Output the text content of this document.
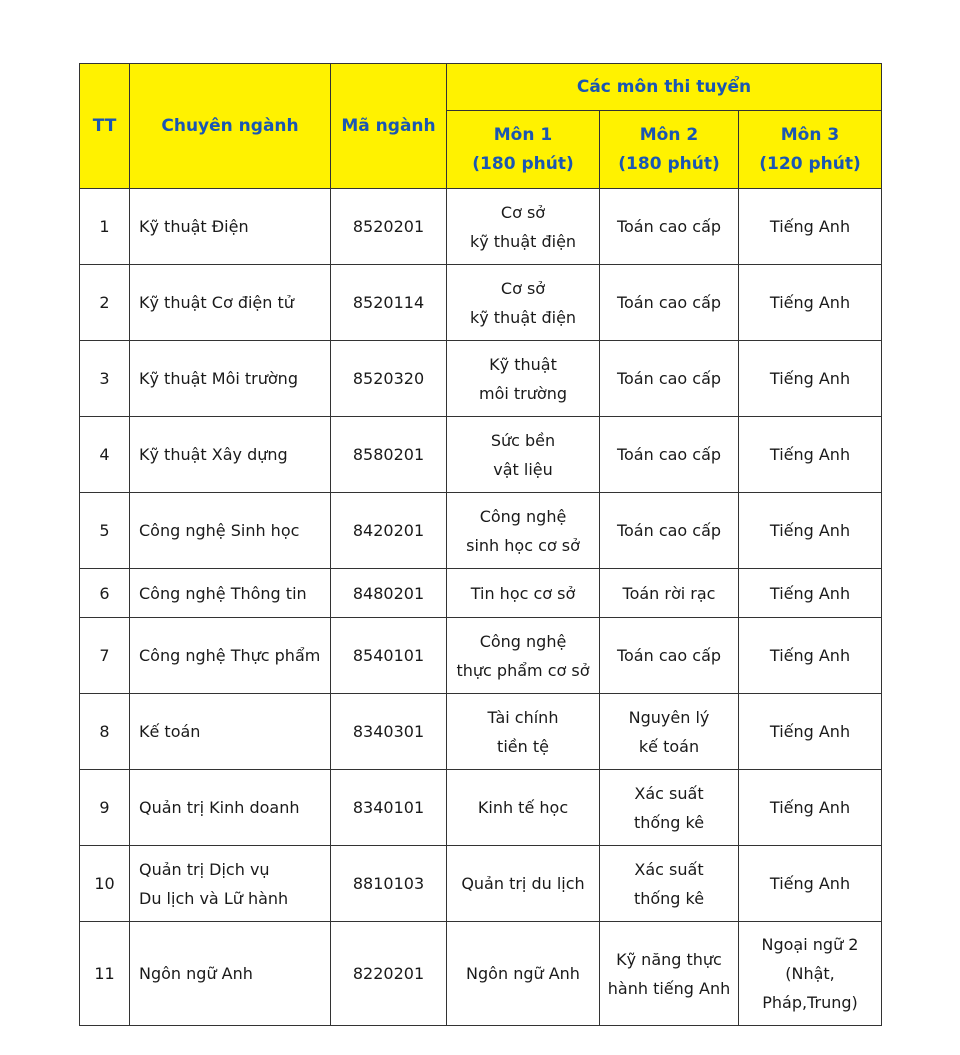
TT	Chuyên ngành	Mã ngành	Các môn thi tuyển		

			Môn 1
(180 phút)	Môn 2
(180 phút)	Môn 3
(120 phút)

1	Kỹ thuật Điện	8520201	Cơ sở
kỹ thuật điện	Toán cao cấp	Tiếng Anh

2	Kỹ thuật Cơ điện tử	8520114	Cơ sở
kỹ thuật điện	Toán cao cấp	Tiếng Anh

3	Kỹ thuật Môi trường	8520320	Kỹ thuật
môi trường	Toán cao cấp	Tiếng Anh

4	Kỹ thuật Xây dựng	8580201	Sức bền
vật liệu	Toán cao cấp	Tiếng Anh

5	Công nghệ Sinh học	8420201	Công nghệ
sinh học cơ sở	Toán cao cấp	Tiếng Anh

6	Công nghệ Thông tin	8480201	Tin học cơ sở	Toán rời rạc	Tiếng Anh

7	Công nghệ Thực phẩm	8540101	Công nghệ
thực phẩm cơ sở	Toán cao cấp	Tiếng Anh

8	Kế toán	8340301	Tài chính
tiền tệ	Nguyên lý
kế toán	Tiếng Anh

9	Quản trị Kinh doanh	8340101	Kinh tế học	Xác suất
thống kê	Tiếng Anh

10	Quản trị Dịch vụ
Du lịch và Lữ hành	8810103	Quản trị du lịch	Xác suất
thống kê	Tiếng Anh

11	Ngôn ngữ Anh	8220201	Ngôn ngữ Anh	Kỹ năng thực
hành tiếng Anh	Ngoại ngữ 2
(Nhật,
Pháp,Trung)
